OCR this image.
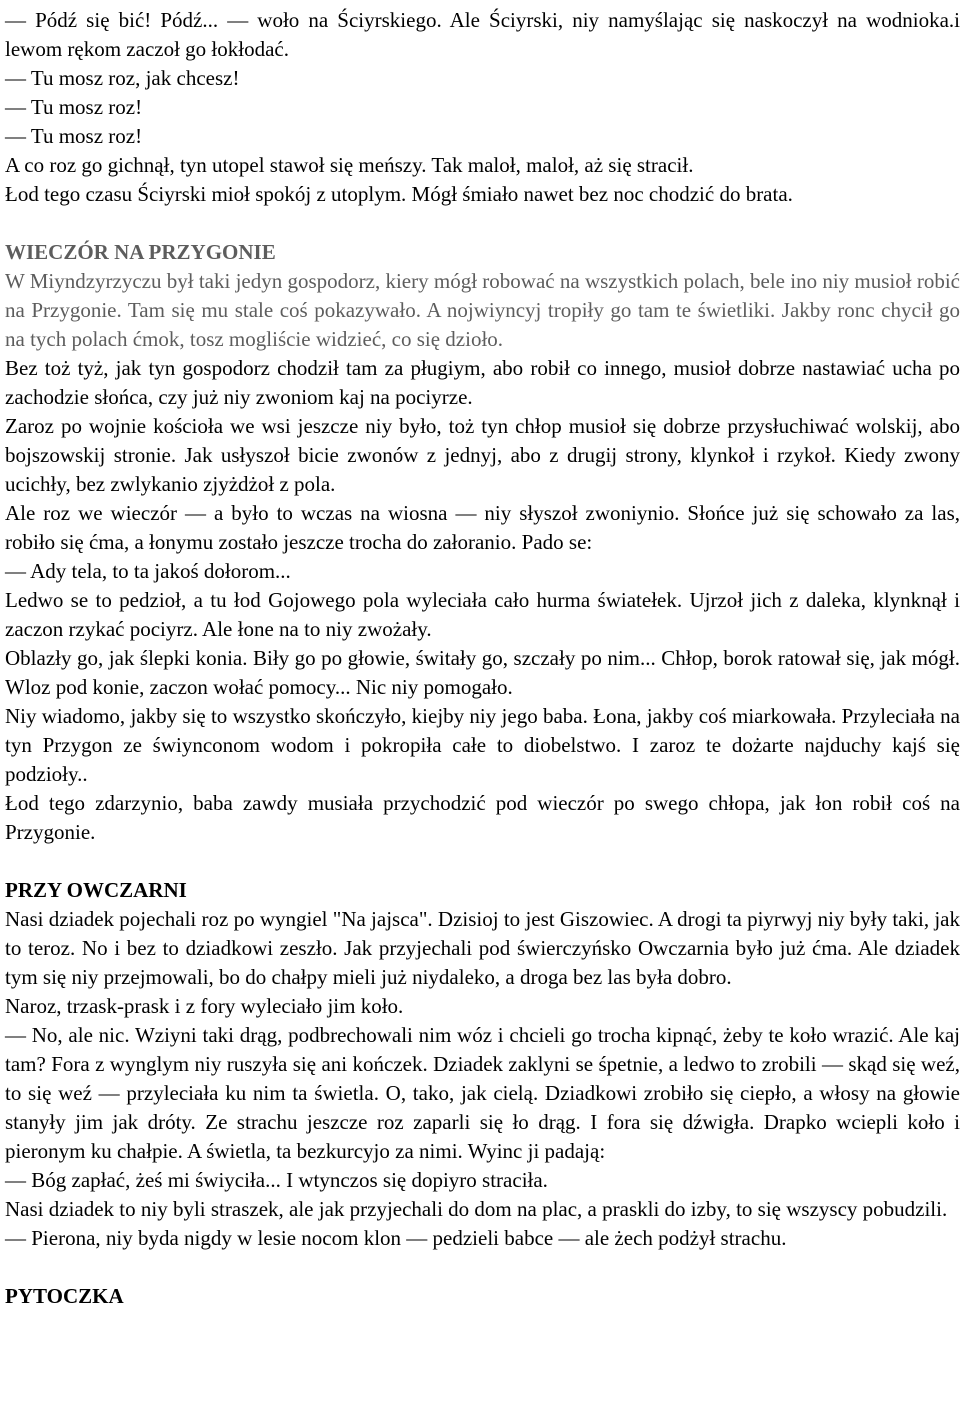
— Pódź się bić! Pódź... — woło na Ściyrskiego. Ale Ściyrski, niy namyślając się naskoczył na wodnioka.i lewom rękom zaczoł go łokłodać.

— Tu mosz roz, jak chcesz!

— Tu mosz roz!

— Tu mosz roz!

A co roz go gichnął, tyn utopel stawoł się meńszy. Tak maloł, maloł, aż się stracił.

Łod tego czasu Ściyrski mioł spokój z utoplym. Mógł śmiało nawet bez noc chodzić do brata.

WIECZÓR NA PRZYGONIE

W Miyndzyrzyczu był taki jedyn gospodorz, kiery mógł robować na wszystkich polach, bele ino niy musioł robić na Przygonie. Tam się mu stale coś pokazywało. A nojwiyncyj tropiły go tam te świetliki. Jakby ronc chycił go na tych polach ćmok, tosz mogliście widzieć, co się dzioło.

Bez toż tyż, jak tyn gospodorz chodził tam za pługiym, abo robił co innego, musioł dobrze nastawiać ucha po zachodzie słońca, czy już niy zwoniom kaj na pociyrze.

Zaroz po wojnie kościoła we wsi jeszcze niy było, toż tyn chłop musioł się dobrze przysłuchiwać wolskij, abo bojszowskij stronie. Jak usłyszoł bicie zwonów z jednyj, abo z drugij strony, klynkoł i rzykoł. Kiedy zwony ucichły, bez zwlykanio zjyżdżoł z pola.

Ale roz we wieczór — a było to wczas na wiosna — niy słyszoł zwoniynio. Słońce już się schowało za las, robiło się ćma, a łonymu zostało jeszcze trocha do załoranio. Pado se:

— Ady tela, to ta jakoś dołorom...

Ledwo se to pedzioł, a tu łod Gojowego pola wyleciała cało hurma światełek. Ujrzoł jich z daleka, klynknął i zaczon rzykać pociyrz. Ale łone na to niy zwożały.

Oblazły go, jak ślepki konia. Biły go po głowie, świtały go, szczały po nim... Chłop, borok ratował się, jak mógł. Wloz pod konie, zaczon wołać pomocy... Nic niy pomogało.

Niy wiadomo, jakby się to wszystko skończyło, kiejby niy jego baba. Łona, jakby coś miarkowała. Przyleciała na tyn Przygon ze świynconom wodom i pokropiła całe to diobelstwo. I zaroz te dożarte najduchy kajś się podzioły..

Łod tego zdarzynio, baba zawdy musiała przychodzić pod wieczór po swego chłopa, jak łon robił coś na Przygonie.

PRZY OWCZARNI

Nasi dziadek pojechali roz po wyngiel "Na jajsca". Dzisioj to jest Giszowiec. A drogi ta piyrwyj niy były taki, jak to teroz. No i bez to dziadkowi zeszło. Jak przyjechali pod świerczyńsko Owczarnia było już ćma. Ale dziadek tym się niy przejmowali, bo do chałpy mieli już niydaleko, a droga bez las była dobro.

Naroz, trzask-prask i z fory wyleciało jim koło.

— No, ale nic. Wziyni taki drąg, podbrechowali nim wóz i chcieli go trocha kipnąć, żeby te koło wrazić. Ale kaj tam? Fora z wynglym niy ruszyła się ani kończek. Dziadek zaklyni se śpetnie, a ledwo to zrobili — skąd się weź, to się weź — przyleciała ku nim ta świetla. O, tako, jak cielą. Dziadkowi zrobiło się ciepło, a włosy na głowie stanyły jim jak dróty. Ze strachu jeszcze roz zaparli się ło drąg. I fora się dźwigła. Drapko wciepli koło i pieronym ku chałpie. A świetla, ta bezkurcyjo za nimi. Wyinc ji padają:

— Bóg zapłać, żeś mi świyciła... I wtynczos się dopiyro straciła.

Nasi dziadek to niy byli straszek, ale jak przyjechali do dom na plac, a praskli do izby, to się wszyscy pobudzili.

— Pierona, niy byda nigdy w lesie nocom klon — pedzieli babce — ale żech podżył strachu.

PYTOCZKA
